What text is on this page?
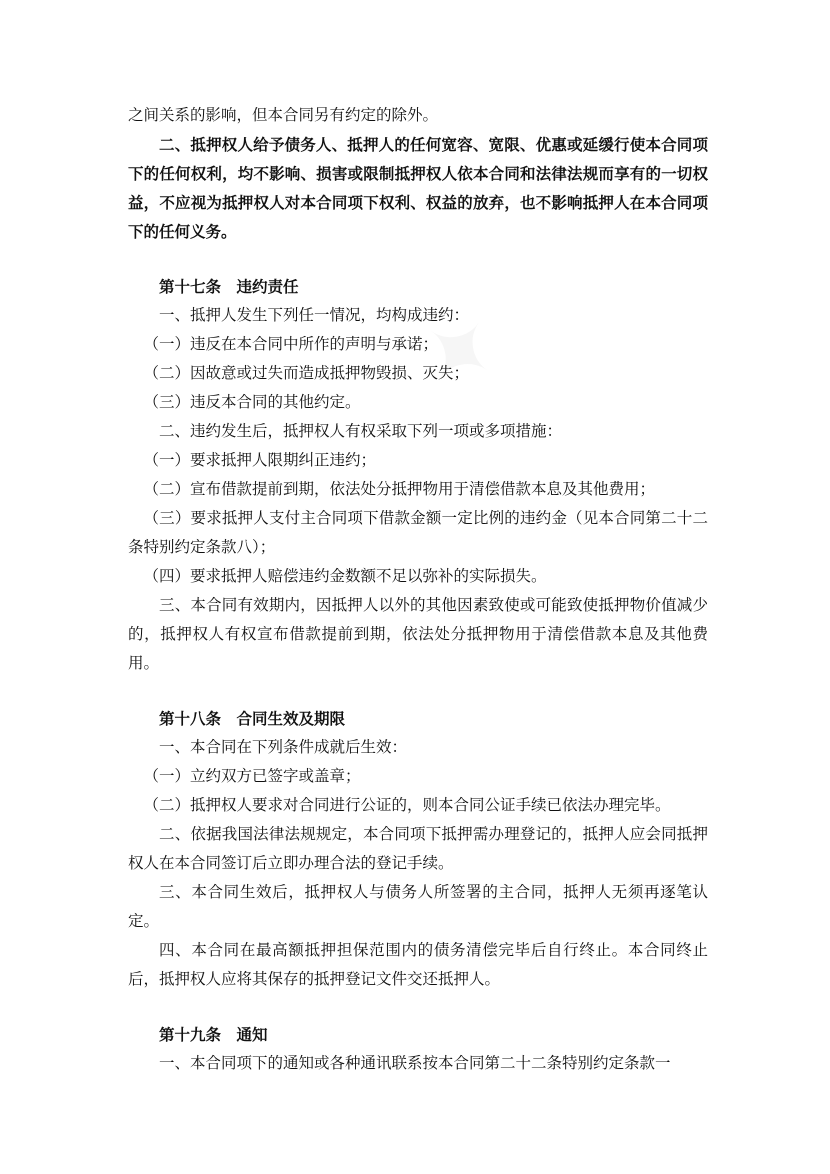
✦

之间关系的影响，但本合同另有约定的除外。

二、抵押权人给予债务人、抵押人的任何宽容、宽限、优惠或延缓行使本合同项下的任何权利，均不影响、损害或限制抵押权人依本合同和法律法规而享有的一切权益，不应视为抵押权人对本合同项下权利、权益的放弃，也不影响抵押人在本合同项下的任何义务。

第十七条 违约责任

一、抵押人发生下列任一情况，均构成违约：

（一）违反在本合同中所作的声明与承诺；

（二）因故意或过失而造成抵押物毁损、灭失；

（三）违反本合同的其他约定。

二、违约发生后，抵押权人有权采取下列一项或多项措施：

（一）要求抵押人限期纠正违约；

（二）宣布借款提前到期，依法处分抵押物用于清偿借款本息及其他费用；

（三）要求抵押人支付主合同项下借款金额一定比例的违约金（见本合同第二十二条特别约定条款八）；

（四）要求抵押人赔偿违约金数额不足以弥补的实际损失。

三、本合同有效期内，因抵押人以外的其他因素致使或可能致使抵押物价值减少的，抵押权人有权宣布借款提前到期，依法处分抵押物用于清偿借款本息及其他费用。

第十八条 合同生效及期限

一、本合同在下列条件成就后生效：

（一）立约双方已签字或盖章；

（二）抵押权人要求对合同进行公证的，则本合同公证手续已依法办理完毕。

二、依据我国法律法规规定，本合同项下抵押需办理登记的，抵押人应会同抵押权人在本合同签订后立即办理合法的登记手续。

三、本合同生效后，抵押权人与债务人所签署的主合同，抵押人无须再逐笔认定。

四、本合同在最高额抵押担保范围内的债务清偿完毕后自行终止。本合同终止后，抵押权人应将其保存的抵押登记文件交还抵押人。

第十九条 通知

一、本合同项下的通知或各种通讯联系按本合同第二十二条特别约定条款一
